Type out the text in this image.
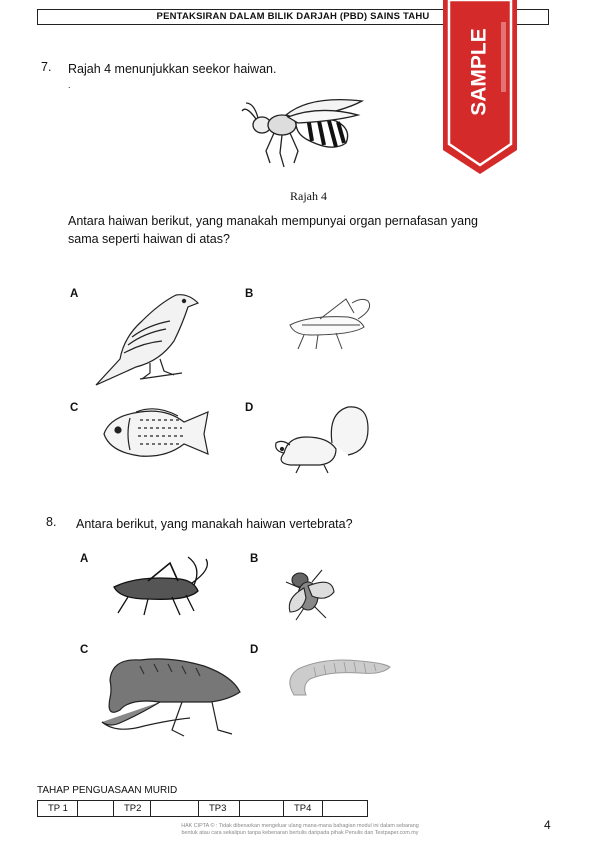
PENTAKSIRAN DALAM BILIK DARJAH (PBD) SAINS TAHU
SAMPLE
7. Rajah 4 menunjukkan seekor haiwan.
.
Rajah 4
Antara haiwan berikut, yang manakah mempunyai organ pernafasan yang
sama seperti haiwan di atas?
A	B
C	D
8. Antara berikut, yang manakah haiwan vertebrata?
A	B
C	D
TAHAP PENGUASAAN MURID
TP 1		TP2		TP3		TP4	
HAK CIPTA © : Tidak dibenarkan mengeluar ulang mana-mana bahagian modul ini dalam sebarang
bentuk atau cara sekalipun tanpa kebenaran bertulis daripada pihak Penulis dan Testpaper.com.my
4
